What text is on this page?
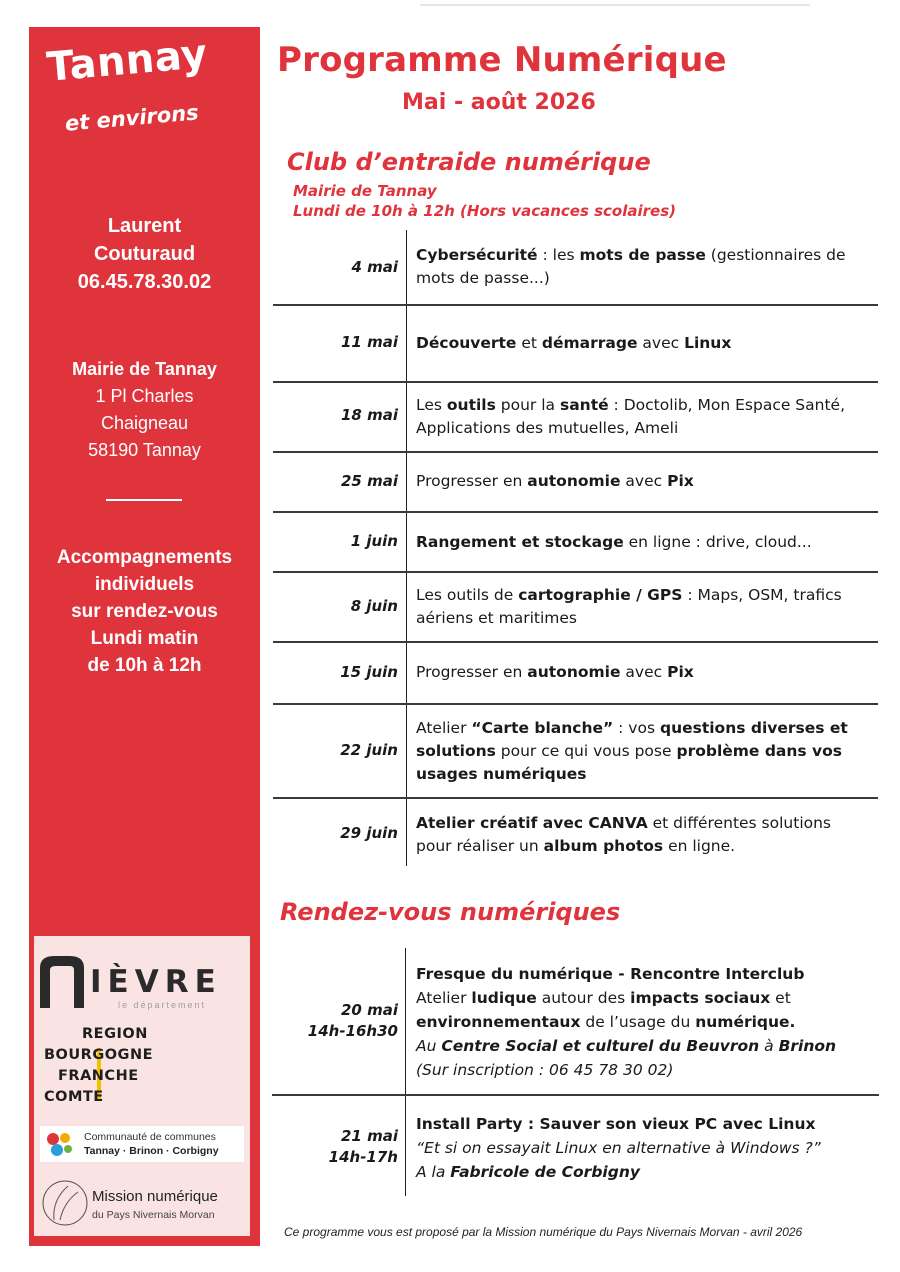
Tannay
et environs
Laurent
Couturaud
06.45.78.30.02
Mairie de Tannay
1 Pl Charles
Chaigneau
58190 Tannay
Accompagnements
individuels
sur rendez-vous
Lundi matin
de 10h à 12h
IÈVRE
le département
REGION
BOURGOGNE
FRANCHE
COMTE
Communauté de communes
Tannay · Brinon · Corbigny
Mission numérique
du Pays Nivernais Morvan
Programme Numérique
Mai - août 2026
Club d’entraide numérique
Mairie de Tannay
Lundi de 10h à 12h (Hors vacances scolaires)
4 mai
Cybersécurité : les mots de passe (gestionnaires de mots de passe...)
11 mai Découverte et démarrage avec Linux
18 mai
Les outils pour la santé : Doctolib, Mon Espace Santé, Applications des mutuelles, Ameli
25 mai Progresser en autonomie avec Pix
1 juin Rangement et stockage en ligne : drive, cloud...
8 juin
Les outils de cartographie / GPS : Maps, OSM, trafics aériens et maritimes
15 juin Progresser en autonomie avec Pix
22 juin
Atelier “Carte blanche” : vos questions diverses et solutions pour ce qui vous pose problème dans vos usages numériques
29 juin
Atelier créatif avec CANVA et différentes solutions pour réaliser un album photos en ligne.
Rendez-vous numériques
20 mai
14h-16h30
Fresque du numérique - Rencontre Interclub
Atelier ludique autour des impacts sociaux et environnementaux de l’usage du numérique.
Au Centre Social et culturel du Beuvron à Brinon
(Sur inscription : 06 45 78 30 02)
21 mai
14h-17h
Install Party : Sauver son vieux PC avec Linux
“Et si on essayait Linux en alternative à Windows ?”
A la Fabricole de Corbigny
Ce programme vous est proposé par la Mission numérique du Pays Nivernais Morvan - avril 2026
